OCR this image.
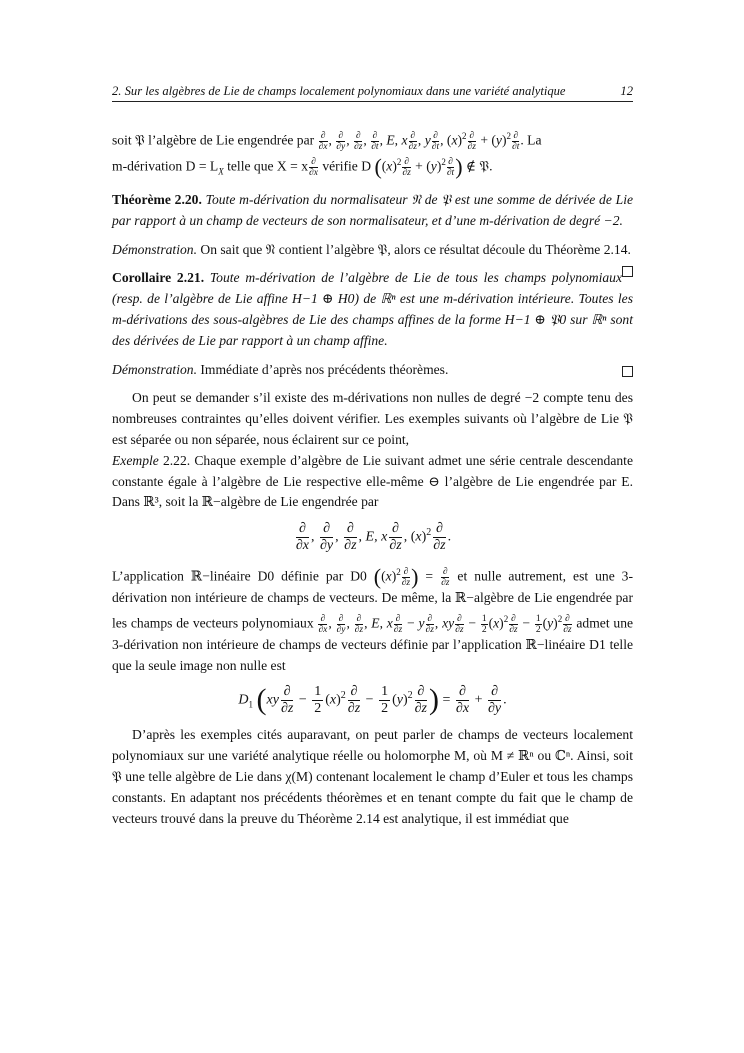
2. Sur les algèbres de Lie de champs localement polynomiaux dans une variété analytique	12

soit 𝔓 l’algèbre de Lie engendrée par $\frac{\partial}{\partial x}$ , $\frac{\partial}{\partial y}$ , $\frac{\partial}{\partial z}$ , $\frac{\partial}{\partial t}$ , E, x $\frac{\partial}{\partial z}$ , y $\frac{\partial}{\partial t}$ , $(x)^2 \frac{\partial}{\partial z} + (y)^2 \frac{\partial}{\partial t}$ . La
m-dérivation $D = L_X$ telle que X = x $\frac{\partial}{\partial x}$ vérifie D ($(x)^2 \frac{\partial}{\partial z} + (y)^2 \frac{\partial}{\partial t}$ ) ∉ 𝔓.

Théorème 2.20. Toute m-dérivation du normalisateur 𝔑 de 𝔓 est une somme de dérivée de Lie par rapport à un champ de vecteurs de son normalisateur, et d’une m-dérivation de degré −2.

Démonstration. On sait que 𝔑 contient l’algèbre 𝔓, alors ce résultat découle du Théorème 2.14.

Corollaire 2.21. Toute m-dérivation de l’algèbre de Lie de tous les champs polynomiaux (resp. de l’algèbre de Lie affine H−1 ⊕ H0) de ℝⁿ est une m-dérivation intérieure. Toutes les m-dérivations des sous-algèbres de Lie des champs affines de la forme H−1 ⊕ 𝔓0 sur ℝⁿ sont des dérivées de Lie par rapport à un champ affine.

Démonstration. Immédiate d’après nos précédents théorèmes.

On peut se demander s’il existe des m-dérivations non nulles de degré −2 compte tenu des nombreuses contraintes qu’elles doivent vérifier. Les exemples suivants où l’algèbre de Lie 𝔓 est séparée ou non séparée, nous éclairent sur ce point,

Exemple 2.22. Chaque exemple d’algèbre de Lie suivant admet une série centrale descendante constante égale à l’algèbre de Lie respective elle-même ⊖ l’algèbre de Lie engendrée par E. Dans ℝ³, soit la ℝ−algèbre de Lie engendrée par

∂
∂x
,
∂
∂y
,
∂
∂z
, E, x
∂
∂z
, $(x)^2$ ∂
∂z
.

L’application ℝ−linéaire D0 définie par D0 ($(x)^2 \frac{\partial}{\partial z}$ ) = $\frac{\partial}{\partial z}$ et nulle autrement, est une 3-dérivation non intérieure de champs de vecteurs. De même, la ℝ−algèbre de Lie engendrée par les champs de vecteurs polynomiaux $\frac{\partial}{\partial x}$ , $\frac{\partial}{\partial y}$ , $\frac{\partial}{\partial z}$ , E, x $\frac{\partial}{\partial z} - y \frac{\partial}{\partial z}$ , xy $\frac{\partial}{\partial z} - \frac{1}{2} (x)^2 \frac{\partial}{\partial z} - \frac{1}{2} (y)^2 \frac{\partial}{\partial z}$ admet une 3-dérivation non intérieure de champs de vecteurs définie par l’application ℝ−linéaire D1 telle que la seule image non nulle est

$D_1$ (xy
∂
∂z
− $\frac{1}{2} (x)^2$ ∂
∂z
− $\frac{1}{2} (y)^2$ ∂
∂z ) =
∂
∂x
+
∂
∂y
.

D’après les exemples cités auparavant, on peut parler de champs de vecteurs localement polynomiaux sur une variété analytique réelle ou holomorphe M, où M ≠ ℝⁿ ou ℂⁿ. Ainsi, soit 𝔓 une telle algèbre de Lie dans χ(M) contenant localement le champ d’Euler et tous les champs constants. En adaptant nos précédents théorèmes et en tenant compte du fait que le champ de vecteurs trouvé dans la preuve du Théorème 2.14 est analytique, il est immédiat que
